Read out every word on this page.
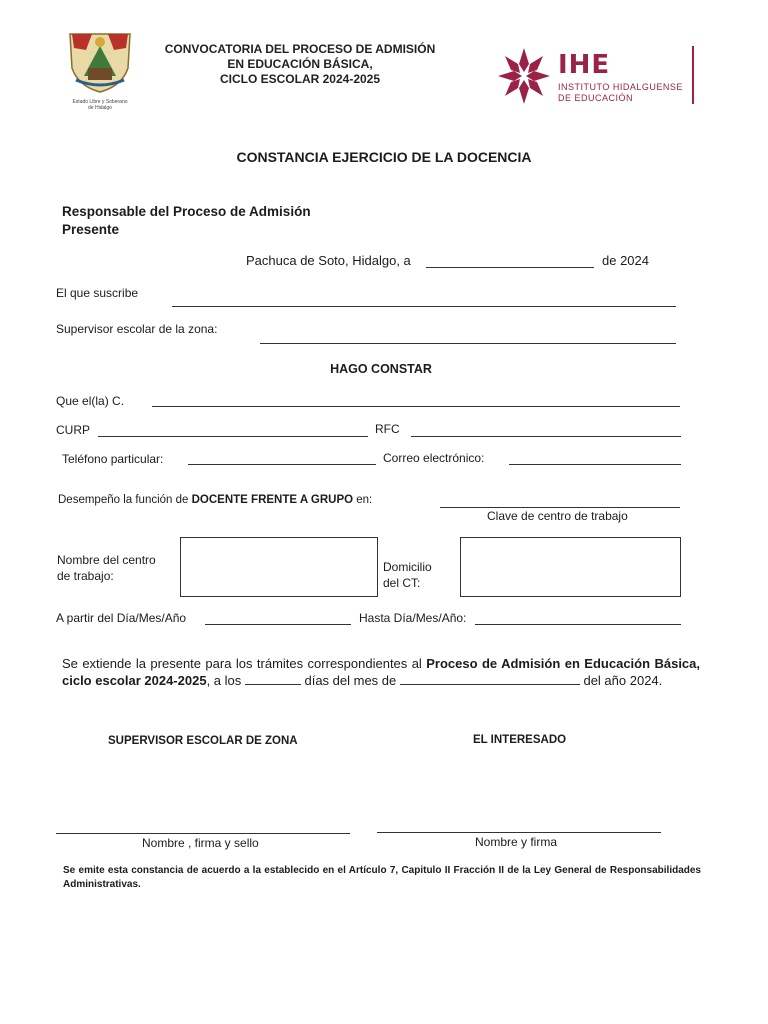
Estado Libre y Soberano
de Hidalgo
CONVOCATORIA DEL PROCESO DE ADMISIÓN
EN EDUCACIÓN BÁSICA,
CICLO ESCOLAR 2024-2025	IHE
INSTITUTO HIDALGUENSE
DE EDUCACIÓN
CONSTANCIA EJERCICIO DE LA DOCENCIA
Responsable del Proceso de Admisión
Presente
Pachuca de Soto, Hidalgo, a	de 2024
El que suscribe
Supervisor escolar de la zona:
HAGO CONSTAR
Que el(la) C.
CURP	RFC
Teléfono particular:	Correo electrónico:
Desempeño la función de DOCENTE FRENTE A GRUPO en:
Clave de centro de trabajo
Nombre del centro
de trabajo:
Domicilio
del CT:
A partir del Día/Mes/Año	Hasta Día/Mes/Año:
Se extiende la presente para los trámites correspondientes al Proceso de Admisión en Educación Básica, ciclo escolar 2024-2025, a los	días del mes de	del año 2024.
SUPERVISOR ESCOLAR DE ZONA	EL INTERESADO
Nombre , firma y sello	Nombre y firma
Se emite esta constancia de acuerdo a la establecido en el Artículo 7, Capitulo II Fracción II de la Ley General de Responsabilidades Administrativas.
